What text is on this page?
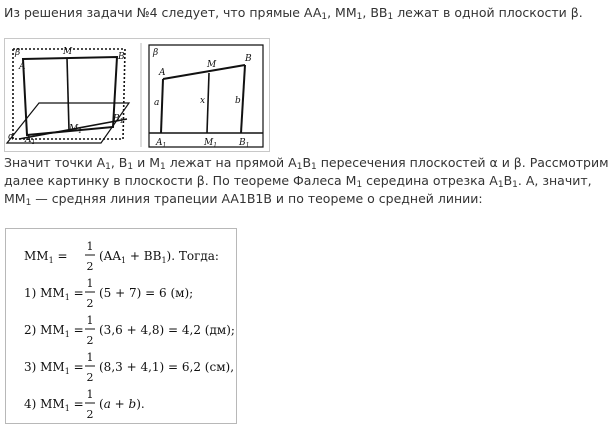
Из решения задачи №4 следует, что прямые $AA_1$, $MM_1$, $BB_1$ лежат в одной плоскости β.

β
A
M	B
α $A_1$
$M_1$
$B_1$
β
A
M
B
a	x	b
$A_1$	$M_1$ $B_1$

Значит точки $A_1$, $B_1$ и $M_1$ лежат на прямой $A_1B_1$ пересечения плоскостей α и β. Рассмотрим

далее картинку в плоскости β. По теореме Фалеса $M_1$ середина отрезка $A_1B_1$. А, значит,

$MM_1$ — средняя линия трапеции AA1B1B и по теореме о средней линии:

$MM_1$ =
1
2
$(AA_1 + BB_1)$. Тогда:
1) $MM_1$ =
1
2
(5 + 7) = 6 (м);
2) $MM_1$ =
1
2
(3,6 + 4,8) = 4,2 (дм);
3) $MM_1$ =
1
2
(8,3 + 4,1) = 6,2 (см),
4) $MM_1$ =
1
2
(a + b).
